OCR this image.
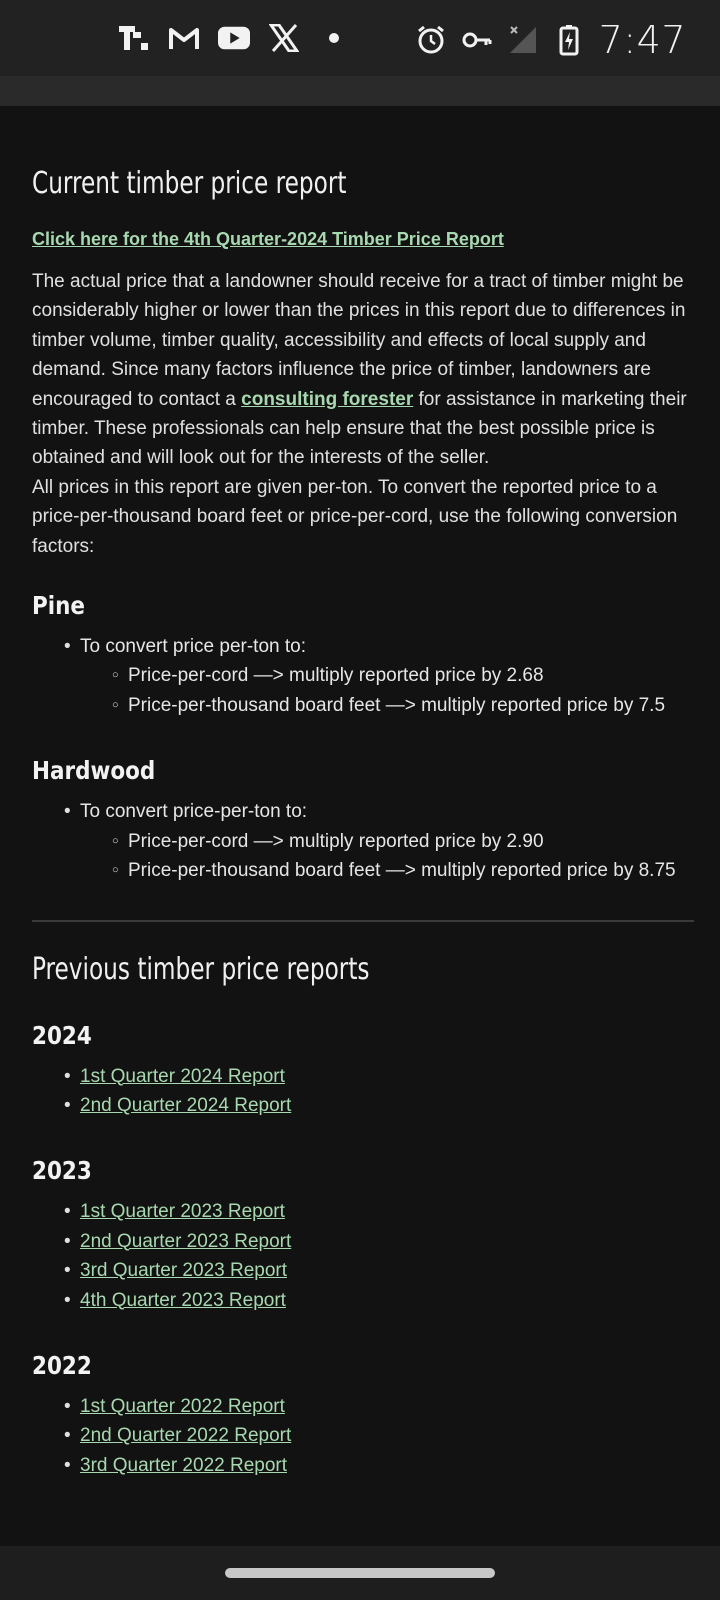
7:47
Current timber price report
Click here for the 4th Quarter-2024 Timber Price Report

The actual price that a landowner should receive for a tract of timber might be considerably higher or lower than the prices in this report due to differences in timber volume, timber quality, accessibility and effects of local supply and demand. Since many factors influence the price of timber, landowners are encouraged to contact a consulting forester for assistance in marketing their timber. These professionals can help ensure that the best possible price is obtained and will look out for the interests of the seller.

All prices in this report are given per-ton. To convert the reported price to a price-per-thousand board feet or price-per-cord, use the following conversion factors:

Pine
• To convert price per-ton to:
○ Price-per-cord —> multiply reported price by 2.68
○ Price-per-thousand board feet —> multiply reported price by 7.5
Hardwood
• To convert price-per-ton to:
○ Price-per-cord —> multiply reported price by 2.90
○ Price-per-thousand board feet —> multiply reported price by 8.75
Previous timber price reports
2024
• 1st Quarter 2024 Report
• 2nd Quarter 2024 Report
2023
• 1st Quarter 2023 Report
• 2nd Quarter 2023 Report
• 3rd Quarter 2023 Report
• 4th Quarter 2023 Report
2022
• 1st Quarter 2022 Report
• 2nd Quarter 2022 Report
• 3rd Quarter 2022 Report
